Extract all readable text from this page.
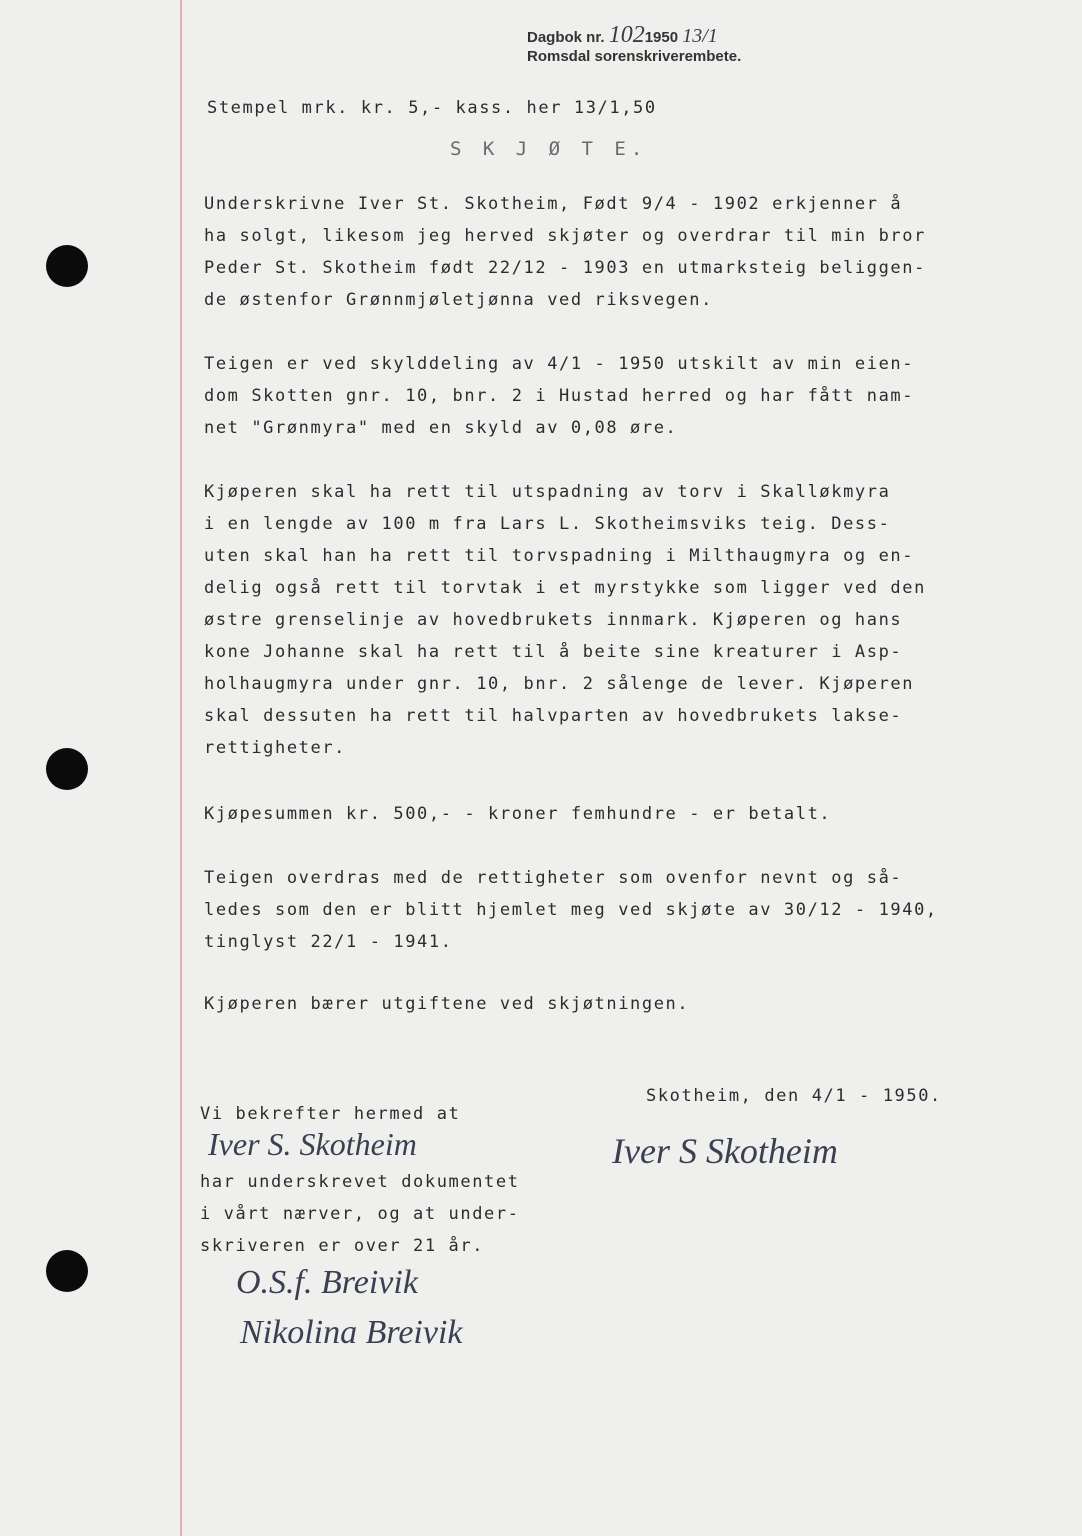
Dagbok nr. 1021950 13/1
Romsdal sorenskriverembete.
Stempel mrk. kr. 5,- kass. her 13/1,50
S K J Ø T E.
Underskrivne Iver St. Skotheim, Født 9/4 - 1902 erkjenner å
ha solgt, likesom jeg herved skjøter og overdrar til min bror
Peder St. Skotheim født 22/12 - 1903 en utmarksteig beliggen-
de østenfor Grønnmjøletjønna ved riksvegen.
Teigen er ved skylddeling av 4/1 - 1950 utskilt av min eien-
dom Skotten gnr. 10, bnr. 2 i Hustad herred og har fått nam-
net "Grønmyra" med en skyld av 0,08 øre.
Kjøperen skal ha rett til utspadning av torv i Skalløkmyra
i en lengde av 100 m fra Lars L. Skotheimsviks teig. Dess-
uten skal han ha rett til torvspadning i Milthaugmyra og en-
delig også rett til torvtak i et myrstykke som ligger ved den
østre grenselinje av hovedbrukets innmark. Kjøperen og hans
kone Johanne skal ha rett til å beite sine kreaturer i Asp-
holhaugmyra under gnr. 10, bnr. 2 sålenge de lever. Kjøperen
skal dessuten ha rett til halvparten av hovedbrukets lakse-
rettigheter.
Kjøpesummen kr. 500,- - kroner femhundre - er betalt.
Teigen overdras med de rettigheter som ovenfor nevnt og så-
ledes som den er blitt hjemlet meg ved skjøte av 30/12 - 1940,
tinglyst 22/1 - 1941.
Kjøperen bærer utgiftene ved skjøtningen.
Skotheim, den 4/1 - 1950.
Iver S Skotheim
Vi bekrefter hermed at
Iver S. Skotheim
har underskrevet dokumentet
i vårt nærver, og at under-
skriveren er over 21 år.
O.S.f. Breivik
Nikolina Breivik
